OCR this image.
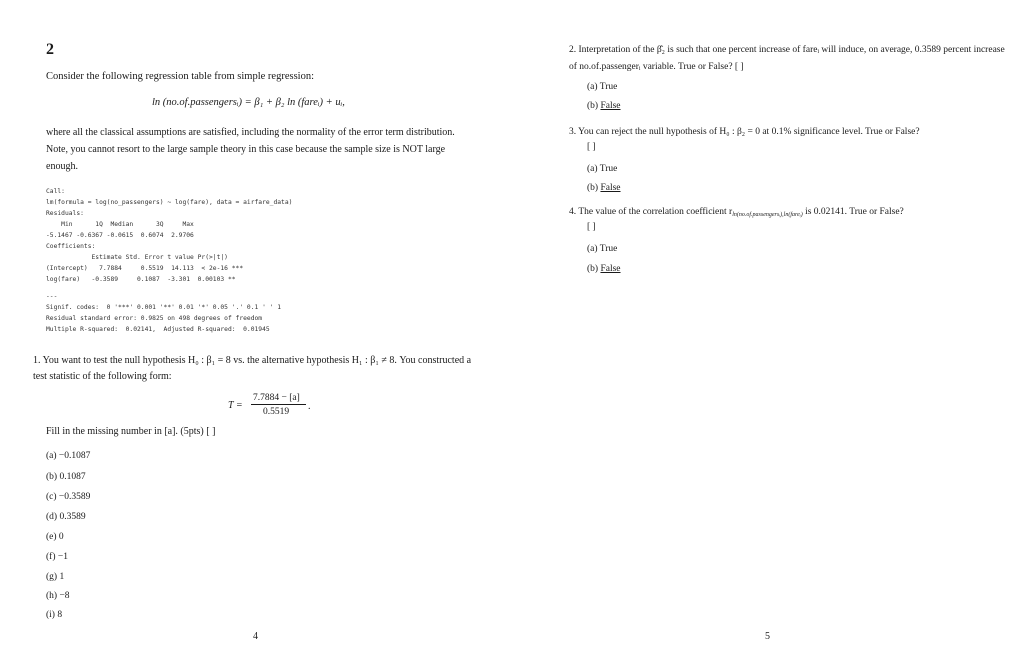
2
Consider the following regression table from simple regression:
ln (no.of.passengersᵢ) = β₁ + β₂ ln (fareᵢ) + uᵢ,
where all the classical assumptions are satisfied, including the normality of the error term distribution. Note, you cannot resort to the large sample theory in this case because the sample size is NOT large enough.
Call:
lm(formula = log(no_passengers) ~ log(fare), data = airfare_data)
Residuals:
Min      1Q  Median      3Q     Max
-5.1467 -0.6367 -0.0615  0.6074  2.9706
Coefficients:
Estimate Std. Error t value Pr(>|t|)
(Intercept)   7.7884     0.5519  14.113  < 2e-16 ***
log(fare)   -0.3589     0.1087  -3.301  0.00103 **
---
Signif. codes:  0 '***' 0.001 '**' 0.01 '*' 0.05 '.' 0.1 ' ' 1
Residual standard error: 0.9825 on 498 degrees of freedom
Multiple R-squared:  0.02141,  Adjusted R-squared:  0.01945
1. You want to test the null hypothesis H₀ : β₁ = 8 vs. the alternative hypothesis H₁ : β₁ ≠ 8. You constructed a test statistic of the following form:
T =
7.7884 − [a]
0.5519 .
Fill in the missing number in [a]. (5pts) [ ]
(a) −0.1087
(b) 0.1087
(c) −0.3589
(d) 0.3589
(e) 0
(f) −1
(g) 1
(h) −8
(i) 8
4
2. Interpretation of the β̂₂ is such that one percent increase of fareᵢ will induce, on average, 0.3589 percent increase of no.of.passengerᵢ variable. True or False? [ ]
(a) True
(b) False
3. You can reject the null hypothesis of H₀ : β₂ = 0 at 0.1% significance level. True or False?
[ ]
(a) True
(b) False
4. The value of the correlation coefficient $r_{ln(no.of.passengersᵢ),ln(fareᵢ)}$ is 0.02141. True or False?
[ ]
(a) True
(b) False
5
